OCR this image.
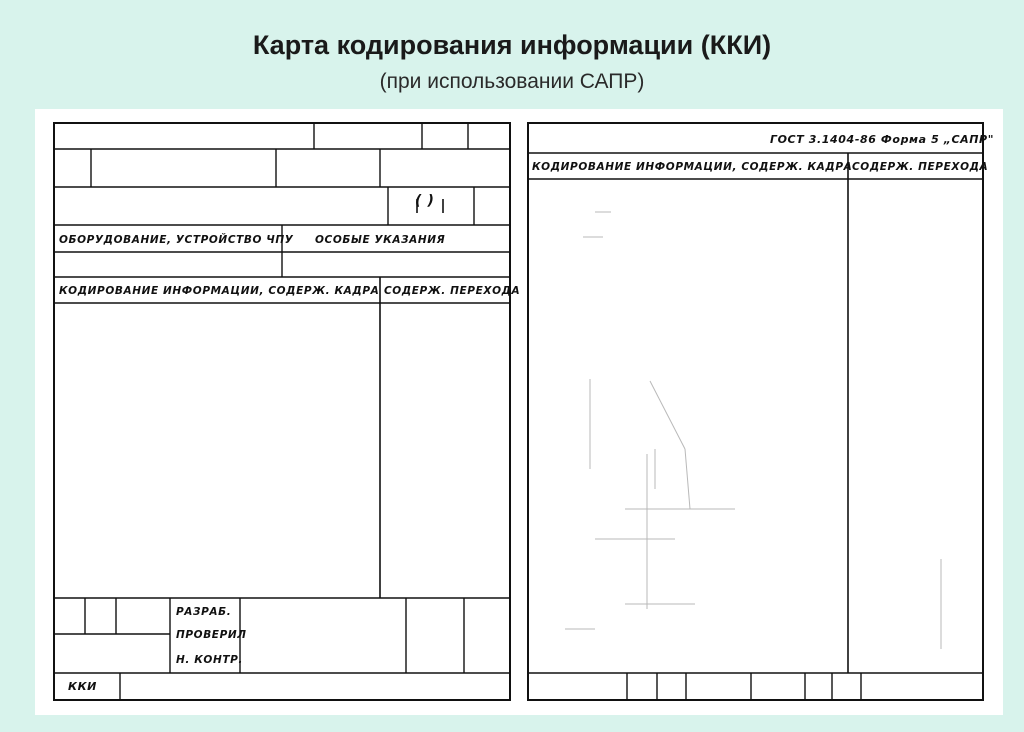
Карта кодирования информации (ККИ)
(при использовании САПР)
( )
ОБОРУДОВАНИЕ, УСТРОЙСТВО ЧПУ ОСОБЫЕ УКАЗАНИЯ
КОДИРОВАНИЕ ИНФОРМАЦИИ, СОДЕРЖ. КАДРА СОДЕРЖ. ПЕРЕХОДА
РАЗРАБ.
ПРОВЕРИЛ
Н. КОНТР.
ККИ
ГОСТ 3.1404-86 Форма 5 „САПР"
КОДИРОВАНИЕ ИНФОРМАЦИИ, СОДЕРЖ. КАДРА СОДЕРЖ. ПЕРЕХОДА
